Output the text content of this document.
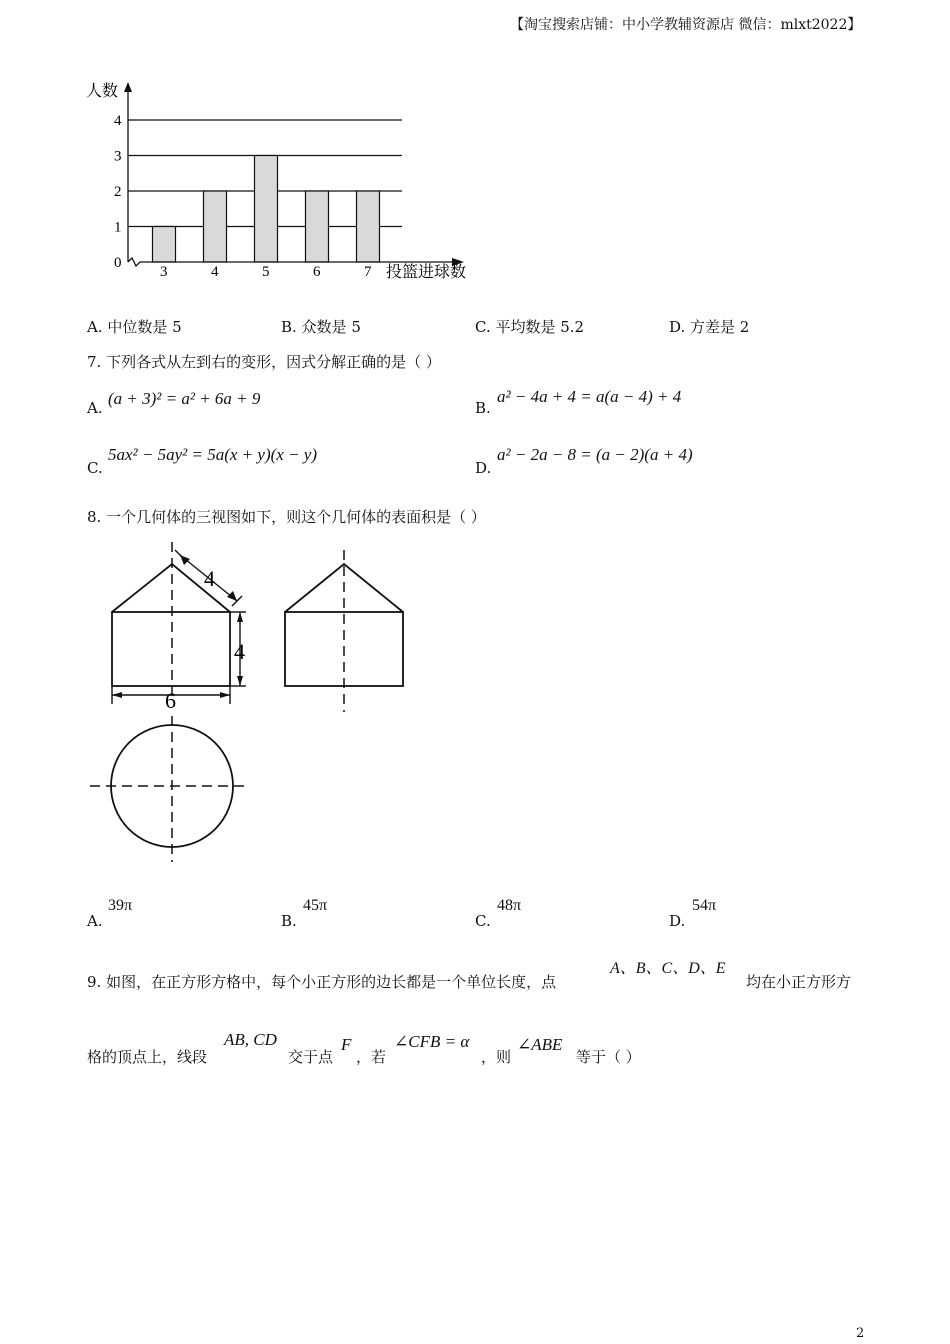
【淘宝搜索店铺：中小学教辅资源店 微信：mlxt2022】
0
1
2
3
4
3	4	5	6	7
人数
投篮进球数
A. 中位数是 5	B. 众数是 5	C. 平均数是 5.2	D. 方差是 2
7. 下列各式从左到右的变形，因式分解正确的是（ ）
A. (a + 3)² = a² + 6a + 9	B.
a² − 4a + 4 = a(a − 4) + 4
C.
5ax² − 5ay² = 5a(x + y)(x − y)
D.
a² − 2a − 8 = (a − 2)(a + 4)
8. 一个几何体的三视图如下，则这个几何体的表面积是（ ）
4
4
6
A.
39π
B.
45π
C.
48π
D.
54π
9. 如图，在正方形方格中，每个小正方形的边长都是一个单位长度，点
A、B、C、D、E
均在小正方形方
格的顶点上，线段
AB, CD
交于点
F
，若
∠CFB = α
，则
∠ABE
等于（ ）
2
